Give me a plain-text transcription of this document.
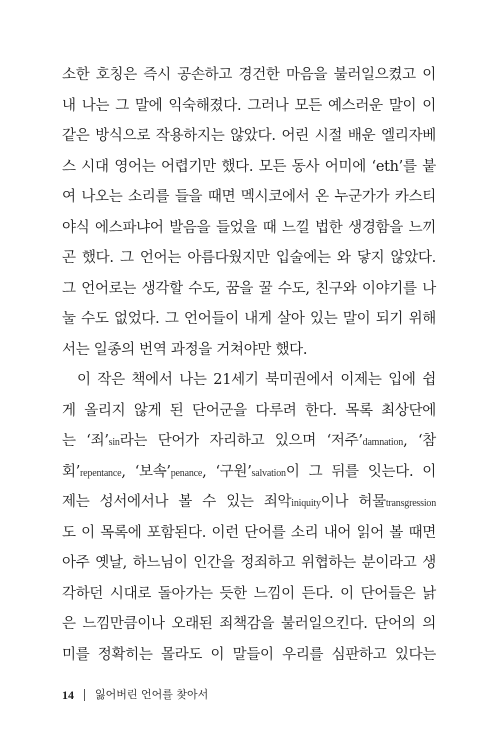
소한 호칭은 즉시 공손하고 경건한 마음을 불러일으켰고 이
내 나는 그 말에 익숙해졌다. 그러나 모든 예스러운 말이 이
같은 방식으로 작용하지는 않았다. 어린 시절 배운 엘리자베
스 시대 영어는 어렵기만 했다. 모든 동사 어미에 ‘eth’를 붙
여 나오는 소리를 들을 때면 멕시코에서 온 누군가가 카스티
야식 에스파냐어 발음을 들었을 때 느낄 법한 생경함을 느끼
곤 했다. 그 언어는 아름다웠지만 입술에는 와 닿지 않았다.
그 언어로는 생각할 수도, 꿈을 꿀 수도, 친구와 이야기를 나
눌 수도 없었다. 그 언어들이 내게 살아 있는 말이 되기 위해
서는 일종의 번역 과정을 거쳐야만 했다.
이 작은 책에서 나는 21세기 북미권에서 이제는 입에 쉽
게 올리지 않게 된 단어군을 다루려 한다. 목록 최상단에
는 ‘죄’sin라는 단어가 자리하고 있으며 ‘저주’damnation, ‘참
회’repentance, ‘보속’penance, ‘구원’salvation이 그 뒤를 잇는다. 이
제는 성서에서나 볼 수 있는 죄악iniquity이나 허물transgression
도 이 목록에 포함된다. 이런 단어를 소리 내어 읽어 볼 때면
아주 옛날, 하느님이 인간을 정죄하고 위협하는 분이라고 생
각하던 시대로 돌아가는 듯한 느낌이 든다. 이 단어들은 낡
은 느낌만큼이나 오래된 죄책감을 불러일으킨다. 단어의 의
미를 정확히는 몰라도 이 말들이 우리를 심판하고 있다는
14 잃어버린 언어를 찾아서
